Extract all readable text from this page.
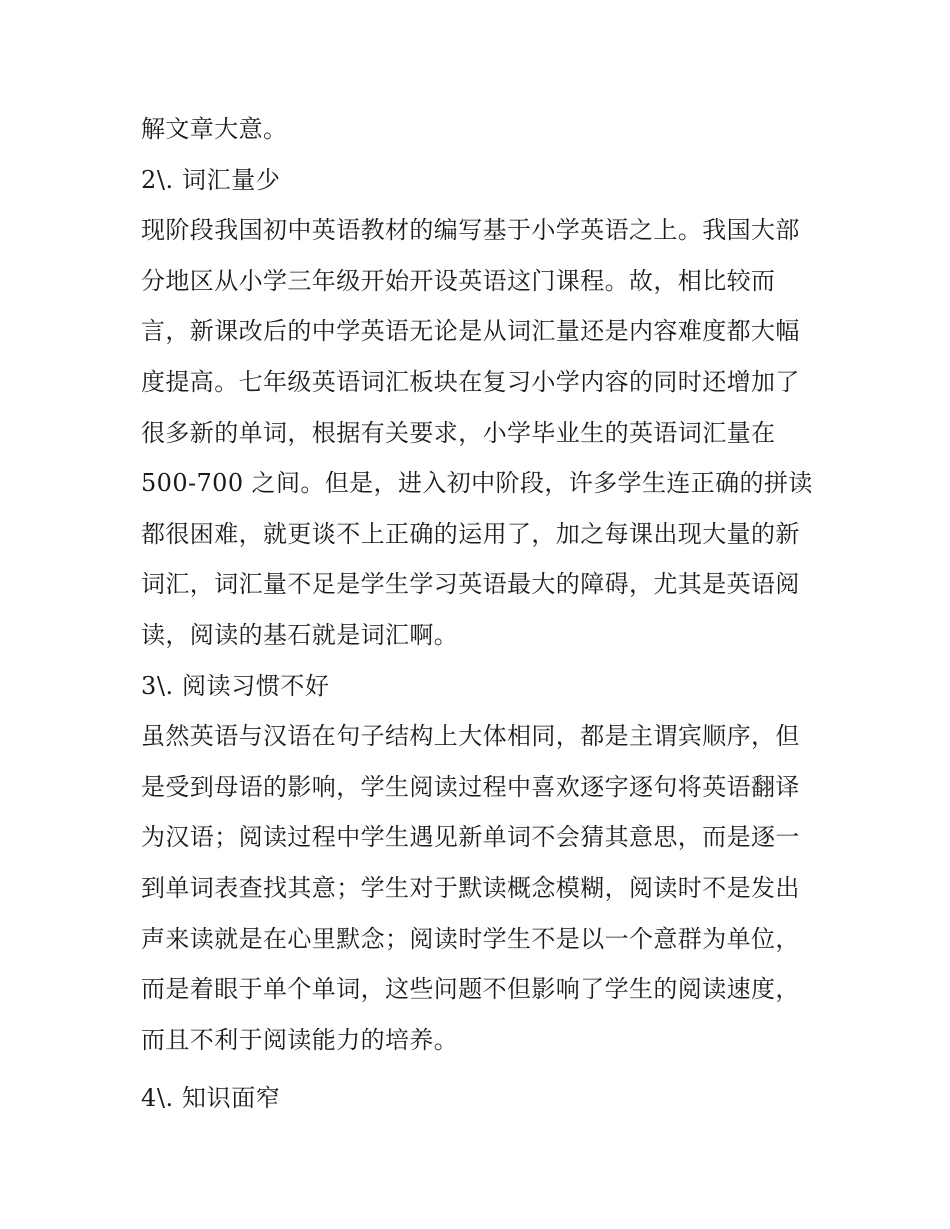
解文章大意。
2\. 词汇量少
现阶段我国初中英语教材的编写基于小学英语之上。我国大部
分地区从小学三年级开始开设英语这门课程。故，相比较而
言，新课改后的中学英语无论是从词汇量还是内容难度都大幅
度提高。七年级英语词汇板块在复习小学内容的同时还增加了
很多新的单词，根据有关要求，小学毕业生的英语词汇量在
500-700 之间。但是，进入初中阶段，许多学生连正确的拼读
都很困难，就更谈不上正确的运用了，加之每课出现大量的新
词汇，词汇量不足是学生学习英语最大的障碍，尤其是英语阅
读，阅读的基石就是词汇啊。
3\. 阅读习惯不好
虽然英语与汉语在句子结构上大体相同，都是主谓宾顺序，但
是受到母语的影响，学生阅读过程中喜欢逐字逐句将英语翻译
为汉语；阅读过程中学生遇见新单词不会猜其意思，而是逐一
到单词表查找其意；学生对于默读概念模糊，阅读时不是发出
声来读就是在心里默念；阅读时学生不是以一个意群为单位，
而是着眼于单个单词，这些问题不但影响了学生的阅读速度，
而且不利于阅读能力的培养。
4\. 知识面窄
